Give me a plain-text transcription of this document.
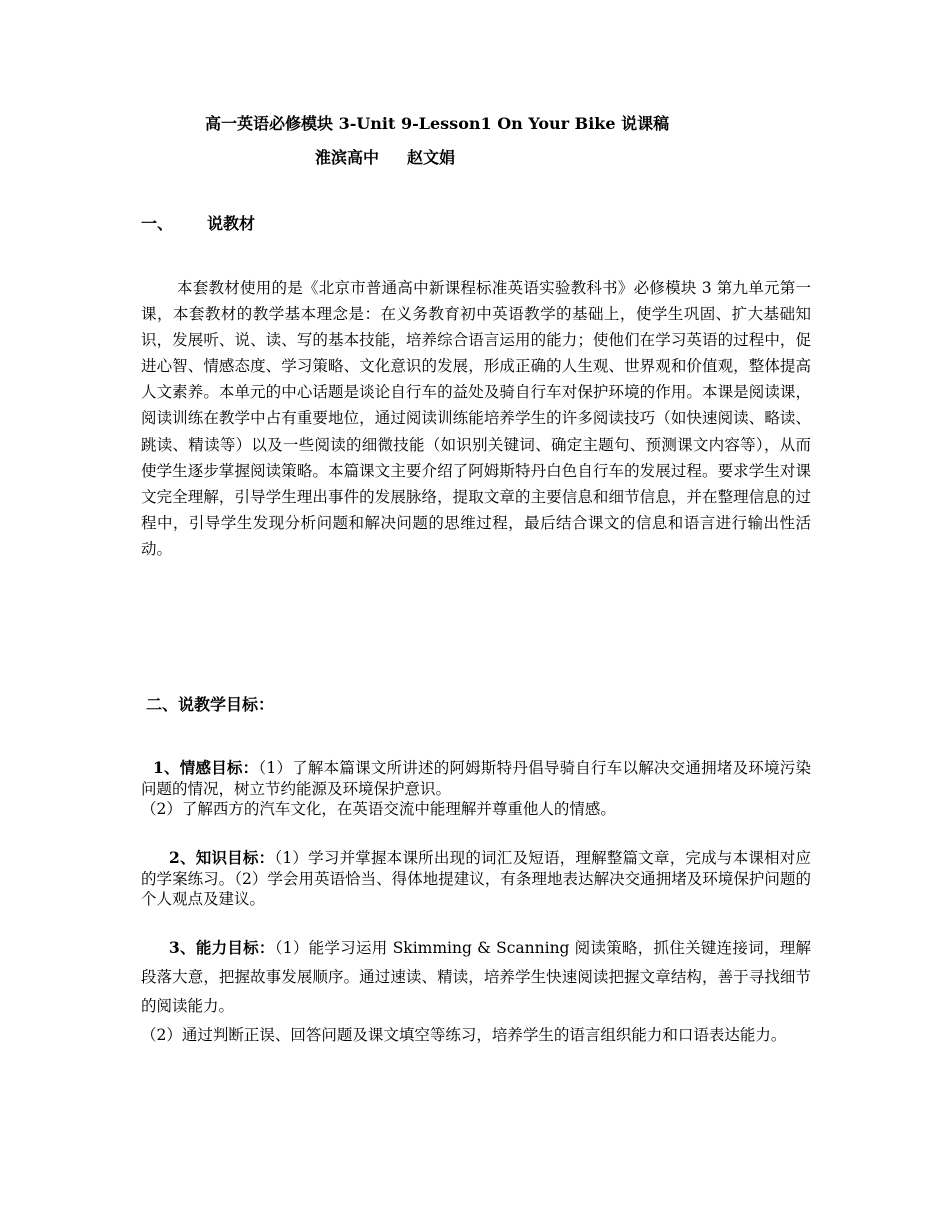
高一英语必修模块 3-Unit 9-Lesson1 On Your Bike 说课稿
淮滨高中 赵文娟
一、 说教材

本套教材使用的是《北京市普通高中新课程标准英语实验教科书》必修模块 3 第九单元第一课，本套教材的教学基本理念是：在义务教育初中英语教学的基础上，使学生巩固、扩大基础知识，发展听、说、读、写的基本技能，培养综合语言运用的能力；使他们在学习英语的过程中，促进心智、情感态度、学习策略、文化意识的发展，形成正确的人生观、世界观和价值观，整体提高人文素养。本单元的中心话题是谈论自行车的益处及骑自行车对保护环境的作用。本课是阅读课，阅读训练在教学中占有重要地位，通过阅读训练能培养学生的许多阅读技巧（如快速阅读、略读、跳读、精读等）以及一些阅读的细微技能（如识别关键词、确定主题句、预测课文内容等），从而使学生逐步掌握阅读策略。本篇课文主要介绍了阿姆斯特丹白色自行车的发展过程。要求学生对课文完全理解，引导学生理出事件的发展脉络，提取文章的主要信息和细节信息，并在整理信息的过程中，引导学生发现分析问题和解决问题的思维过程，最后结合课文的信息和语言进行输出性活动。

二、说教学目标：
1、情感目标：（1）了解本篇课文所讲述的阿姆斯特丹倡导骑自行车以解决交通拥堵及环境污染问题的情况，树立节约能源及环境保护意识。
（2）了解西方的汽车文化，在英语交流中能理解并尊重他人的情感。
2、知识目标：（1）学习并掌握本课所出现的词汇及短语，理解整篇文章，完成与本课相对应的学案练习。（2）学会用英语恰当、得体地提建议，有条理地表达解决交通拥堵及环境保护问题的个人观点及建议。
3、能力目标：（1）能学习运用 Skimming & Scanning 阅读策略，抓住关键连接词，理解段落大意，把握故事发展顺序。通过速读、精读，培养学生快速阅读把握文章结构，善于寻找细节的阅读能力。
（2）通过判断正误、回答问题及课文填空等练习，培养学生的语言组织能力和口语表达能力。
